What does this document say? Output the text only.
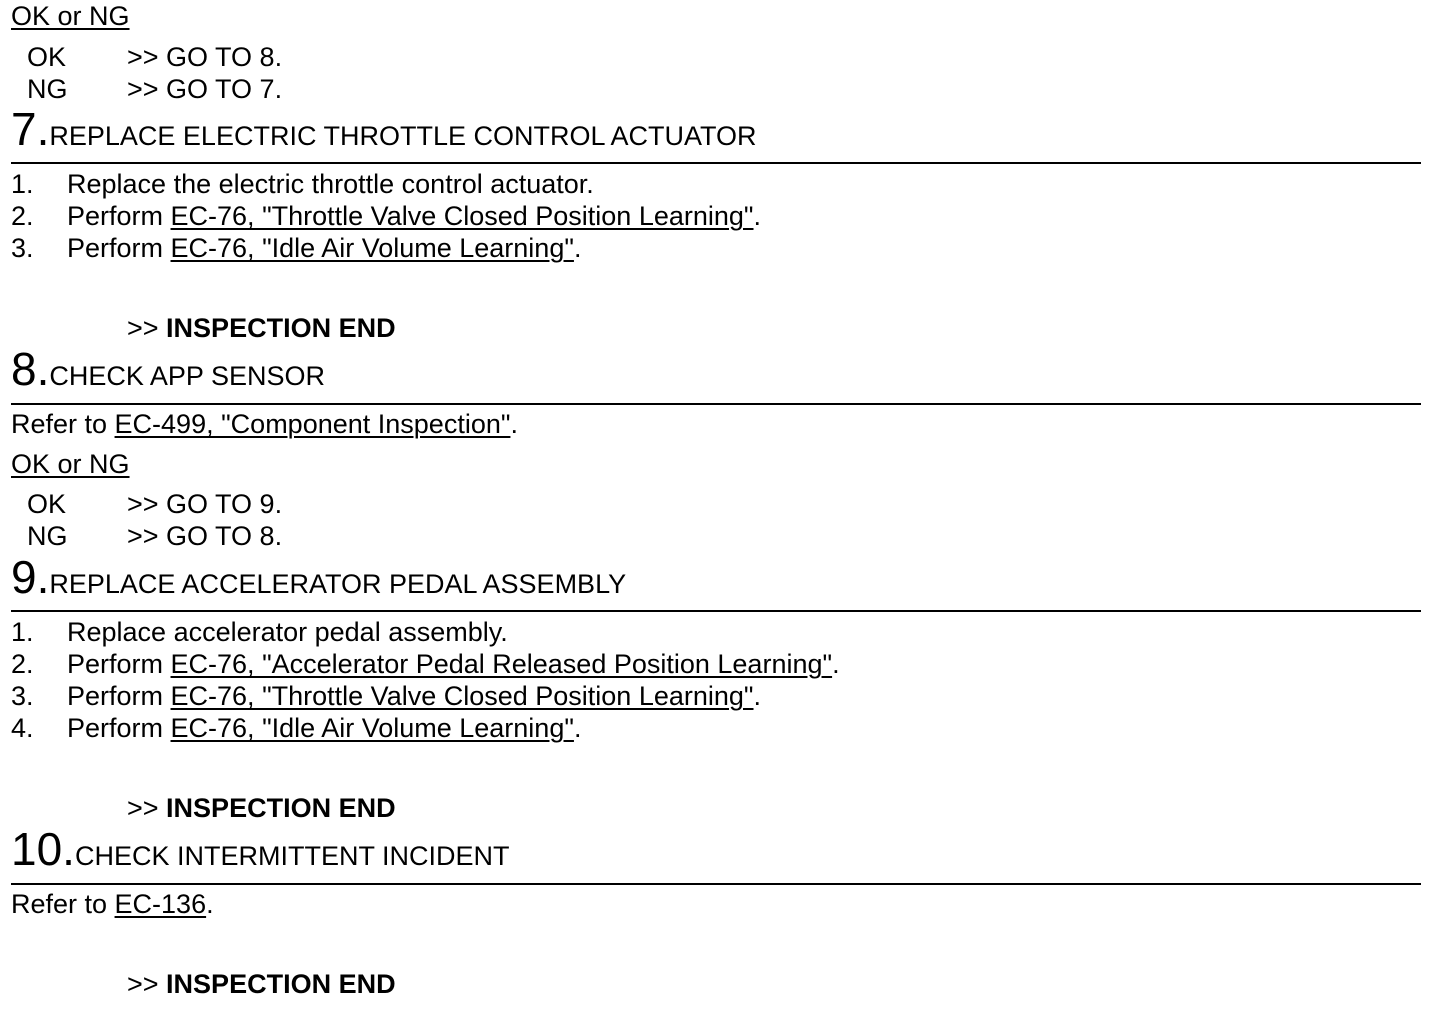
OK or NG
OK >> GO TO 8.
NG >> GO TO 7.
7.REPLACE ELECTRIC THROTTLE CONTROL ACTUATOR
1. Replace the electric throttle control actuator.
2. Perform EC-76, "Throttle Valve Closed Position Learning".
3. Perform EC-76, "Idle Air Volume Learning".
>> INSPECTION END
8.CHECK APP SENSOR
Refer to EC-499, "Component Inspection".
OK or NG
OK >> GO TO 9.
NG >> GO TO 8.
9.REPLACE ACCELERATOR PEDAL ASSEMBLY
1. Replace accelerator pedal assembly.
2. Perform EC-76, "Accelerator Pedal Released Position Learning".
3. Perform EC-76, "Throttle Valve Closed Position Learning".
4. Perform EC-76, "Idle Air Volume Learning".
>> INSPECTION END
10.CHECK INTERMITTENT INCIDENT
Refer to EC-136.
>> INSPECTION END
